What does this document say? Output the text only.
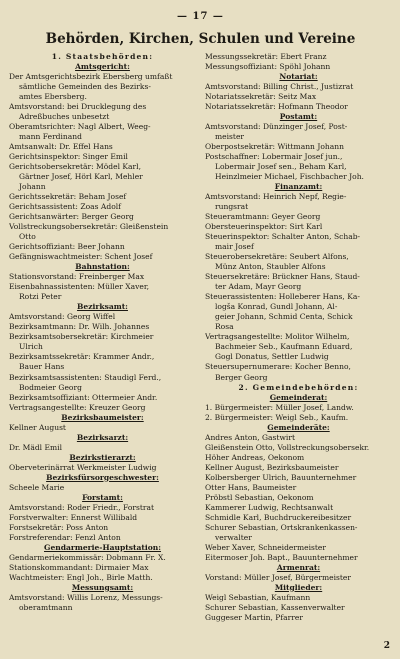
— 17 —
Behörden, Kirchen, Schulen und Vereine
1. Staatsbehörden:
Amtsgericht:
Der Amtsgerichtsbezirk Ebersberg umfaßt
sämtliche Gemeinden des Bezirks-
amtes Ebersberg.
Amtsvorstand: bei Drucklegung des
Adreßbuches unbesetzt
Oberamtsrichter: Nagl Albert, Weeg-
mann Ferdinand
Amtsanwalt: Dr. Effel Hans
Gerichtsinspektor: Singer Emil
Gerichtsobersekretär: Mödel Karl,
Gärtner Josef, Hörl Karl, Mehler
Johann
Gerichtssekretär: Beham Josef
Gerichtsassistent: Zoas Adolf
Gerichtsanwärter: Berger Georg
Vollstreckungsobersekretär: Gleißenstein
Otto
Gerichtsoffiziant: Beer Johann
Gefängniswachtmeister: Schent Josef
Bahnstation:
Stationsvorstand: Freinberger Max
Eisenbahnassistenten: Müller Xaver,
Rotzi Peter
Bezirksamt:
Amtsvorstand: Georg Wiffel
Bezirksamtmann: Dr. Wilh. Johannes
Bezirksamtsobersekretär: Kirchmeier
Ulrich
Bezirksamtssekretär: Krammer Andr.,
Bauer Hans
Bezirksamtsassistenten: Staudigl Ferd.,
Bodmeier Georg
Bezirksamtsoffiziant: Ottermeier Andr.
Vertragsangestellte: Kreuzer Georg
Bezirksbaumeister:
Kellner August
Bezirksarzt:
Dr. Mädl Emil
Bezirkstierarzt:
Oberveterinärrat Werkmeister Ludwig
Bezirksfürsorgeschwester:
Scheele Marie
Forstamt:
Amtsvorstand: Roder Friedr., Forstrat
Forstverwalter: Ennerst Willibald
Forstsekretär: Poss Anton
Forstreferendar: Fenzl Anton
Gendarmerie-Hauptstation:
Gendarmeriekommissär: Dobmann Fr. X.
Stationskommandant: Dirmaier Max
Wachtmeister: Engl Joh., Birle Matth.
Messungsamt:
Amtsvorstand: Willis Lorenz, Messungs-
oberamtmann
Messungssekretär: Ebert Franz
Messungsoffiziant: Spöhl Johann
Notariat:
Amtsvorstand: Billing Christ., Justizrat
Notariatssekretär: Seitz Max
Notariatssekretär: Hofmann Theodor
Postamt:
Amtsvorstand: Dünzinger Josef, Post-
meister
Oberpostsekretär: Wittmann Johann
Postschaffner: Lobermair Josef jun.,
Lobermair Josef sen., Beham Karl,
Heinzlmeier Michael, Fischbacher Joh.
Finanzamt:
Amtsvorstand: Heinrich Nepf, Regie-
rungsrat
Steueramtmann: Geyer Georg
Obersteuerinspektor: Sirt Karl
Steuerinspektor: Schalter Anton, Schab-
mair Josef
Steuerobersekretäre: Seubert Alfons,
Münz Anton, Staubler Alfons
Steuersekretäre: Brückner Hans, Staud-
ter Adam, Mayr Georg
Steuerassistenten: Holleberer Hans, Ka-
logša Konrad, Gundl Johann, Al-
geier Johann, Schmid Centa, Schick
Rosa
Vertragsangestellte: Molitor Wilhelm,
Bachmeier Seb., Kaufmann Eduard,
Gogl Donatus, Settler Ludwig
Steuersupernumerare: Kocher Benno,
Berger Georg
2. Gemeindebehörden:
Gemeinderat:
1. Bürgermeister: Müller Josef, Landw.
2. Bürgermeister: Weigl Seb., Kaufm.
Gemeinderäte:
Andres Anton, Gastwirt
Gleißenstein Otto, Vollstreckungsobersekr.
Höher Andreas, Oekonom
Kellner August, Bezirksbaumeister
Kolbersberger Ulrich, Bauunternehmer
Otter Hans, Baumeister
Pröbstl Sebastian, Oekonom
Kammerer Ludwig, Rechtsanwalt
Schmidle Karl, Buchdruckereibesitzer
Schurer Sebastian, Ortskrankenkassen-
verwalter
Weber Xaver, Schneidermeister
Eitermoser Joh. Bapt., Bauunternehmer
Armenrat:
Vorstand: Müller Josef, Bürgermeister
Mitglieder:
Weigl Sebastian, Kaufmann
Schurer Sebastian, Kassenverwalter
Guggeser Martin, Pfarrer
2
